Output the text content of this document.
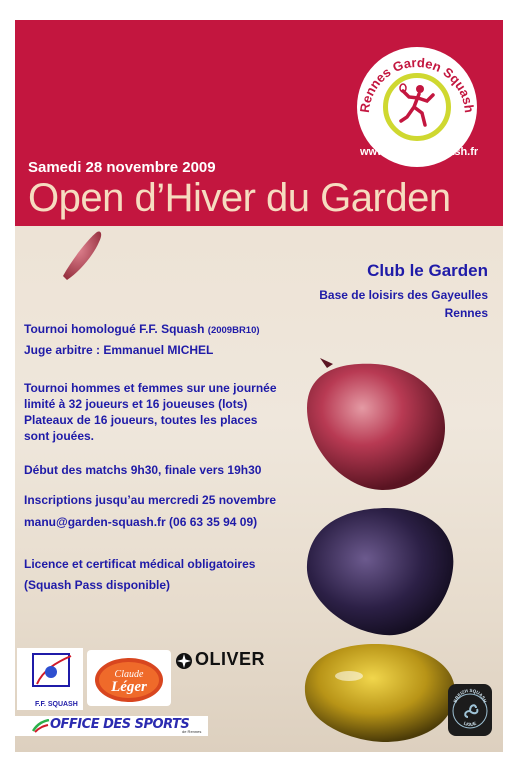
Rennes Garden Squash
www.garden-squash.fr
Samedi 28 novembre 2009
Open d’Hiver du Garden
Club le Garden
Base de loisirs des Gayeulles
Rennes
Tournoi homologué F.F. Squash (2009BR10)
Juge arbitre : Emmanuel MICHEL
Tournoi hommes et femmes sur une journée
limité à 32 joueurs et 16 joueuses (lots)
Plateaux de 16 joueurs, toutes les places
sont jouées.
Début des matchs 9h30, finale vers 19h30
Inscriptions jusqu’au mercredi 25 novembre
manu@garden-squash.fr (06 63 35 94 09)
Licence et certificat médical obligatoires
(Squash Pass disponible)
F.F. SQUASH
Claude
Léger
OLIVER
OFFICE DES SPORTS
de Rennes
BREIZH SQUASH
LIGUE
